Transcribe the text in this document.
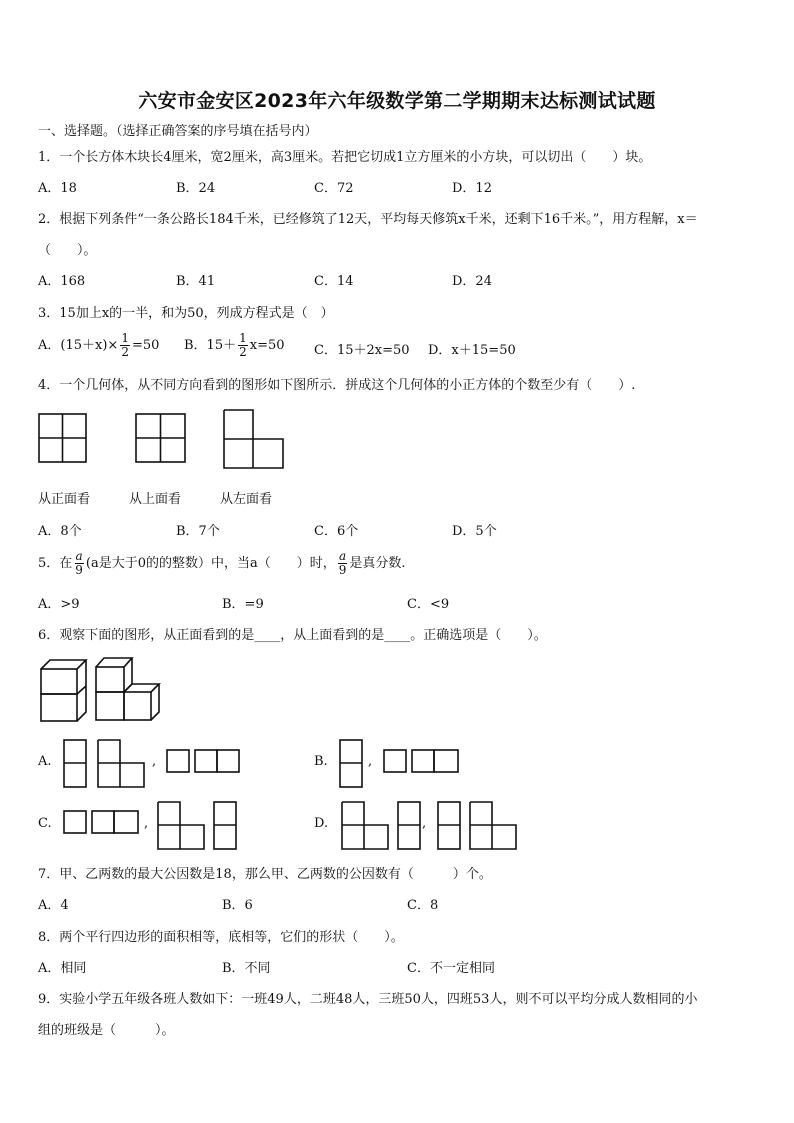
六安市金安区2023年六年级数学第二学期期末达标测试试题
一、选择题。（选择正确答案的序号填在括号内）
1．一个长方体木块长4厘米，宽2厘米，高3厘米。若把它切成1立方厘米的小方块，可以切出（　　）块。
A．18	B．24	C．72	D．12
2．根据下列条件“一条公路长184千米，已经修筑了12天，平均每天修筑x千米，还剩下16千米。”，用方程解，x＝
（　　）。
A．168	B．41	C．14	D．24
3．15加上x的一半，和为50，列成方程式是（　）
A．$(15+x)\times \frac{1}{2} =50$ B．$15+ \frac{1}{2} x=50$ C．15＋2x=50 D．x＋15=50
4．一个几何体，从不同方向看到的图形如下图所示．拼成这个几何体的小正方体的个数至少有（　　）.
从正面看	从上面看	从左面看
A．8个	B．7个	C．6个	D．5个
5．在 $\frac{a}{9} (a$是大于0的的整数）中，当a（　　）时， $\frac{a}{9}$ 是真分数.
A．>9	B．=9	C．<9
6．观察下面的图形，从正面看到的是____，从上面看到的是____。正确选项是（　　）。
A.	,	B.	,
C.	,	D.	,
7．甲、乙两数的最大公因数是18，那么甲、乙两数的公因数有（　　　）个。
A．4	B．6	C．8
8．两个平行四边形的面积相等，底相等，它们的形状（　　）。
A．相同	B．不同	C．不一定相同
9．实验小学五年级各班人数如下：一班49人，二班48人，三班50人，四班53人，则不可以平均分成人数相同的小
组的班级是（　　　）。
